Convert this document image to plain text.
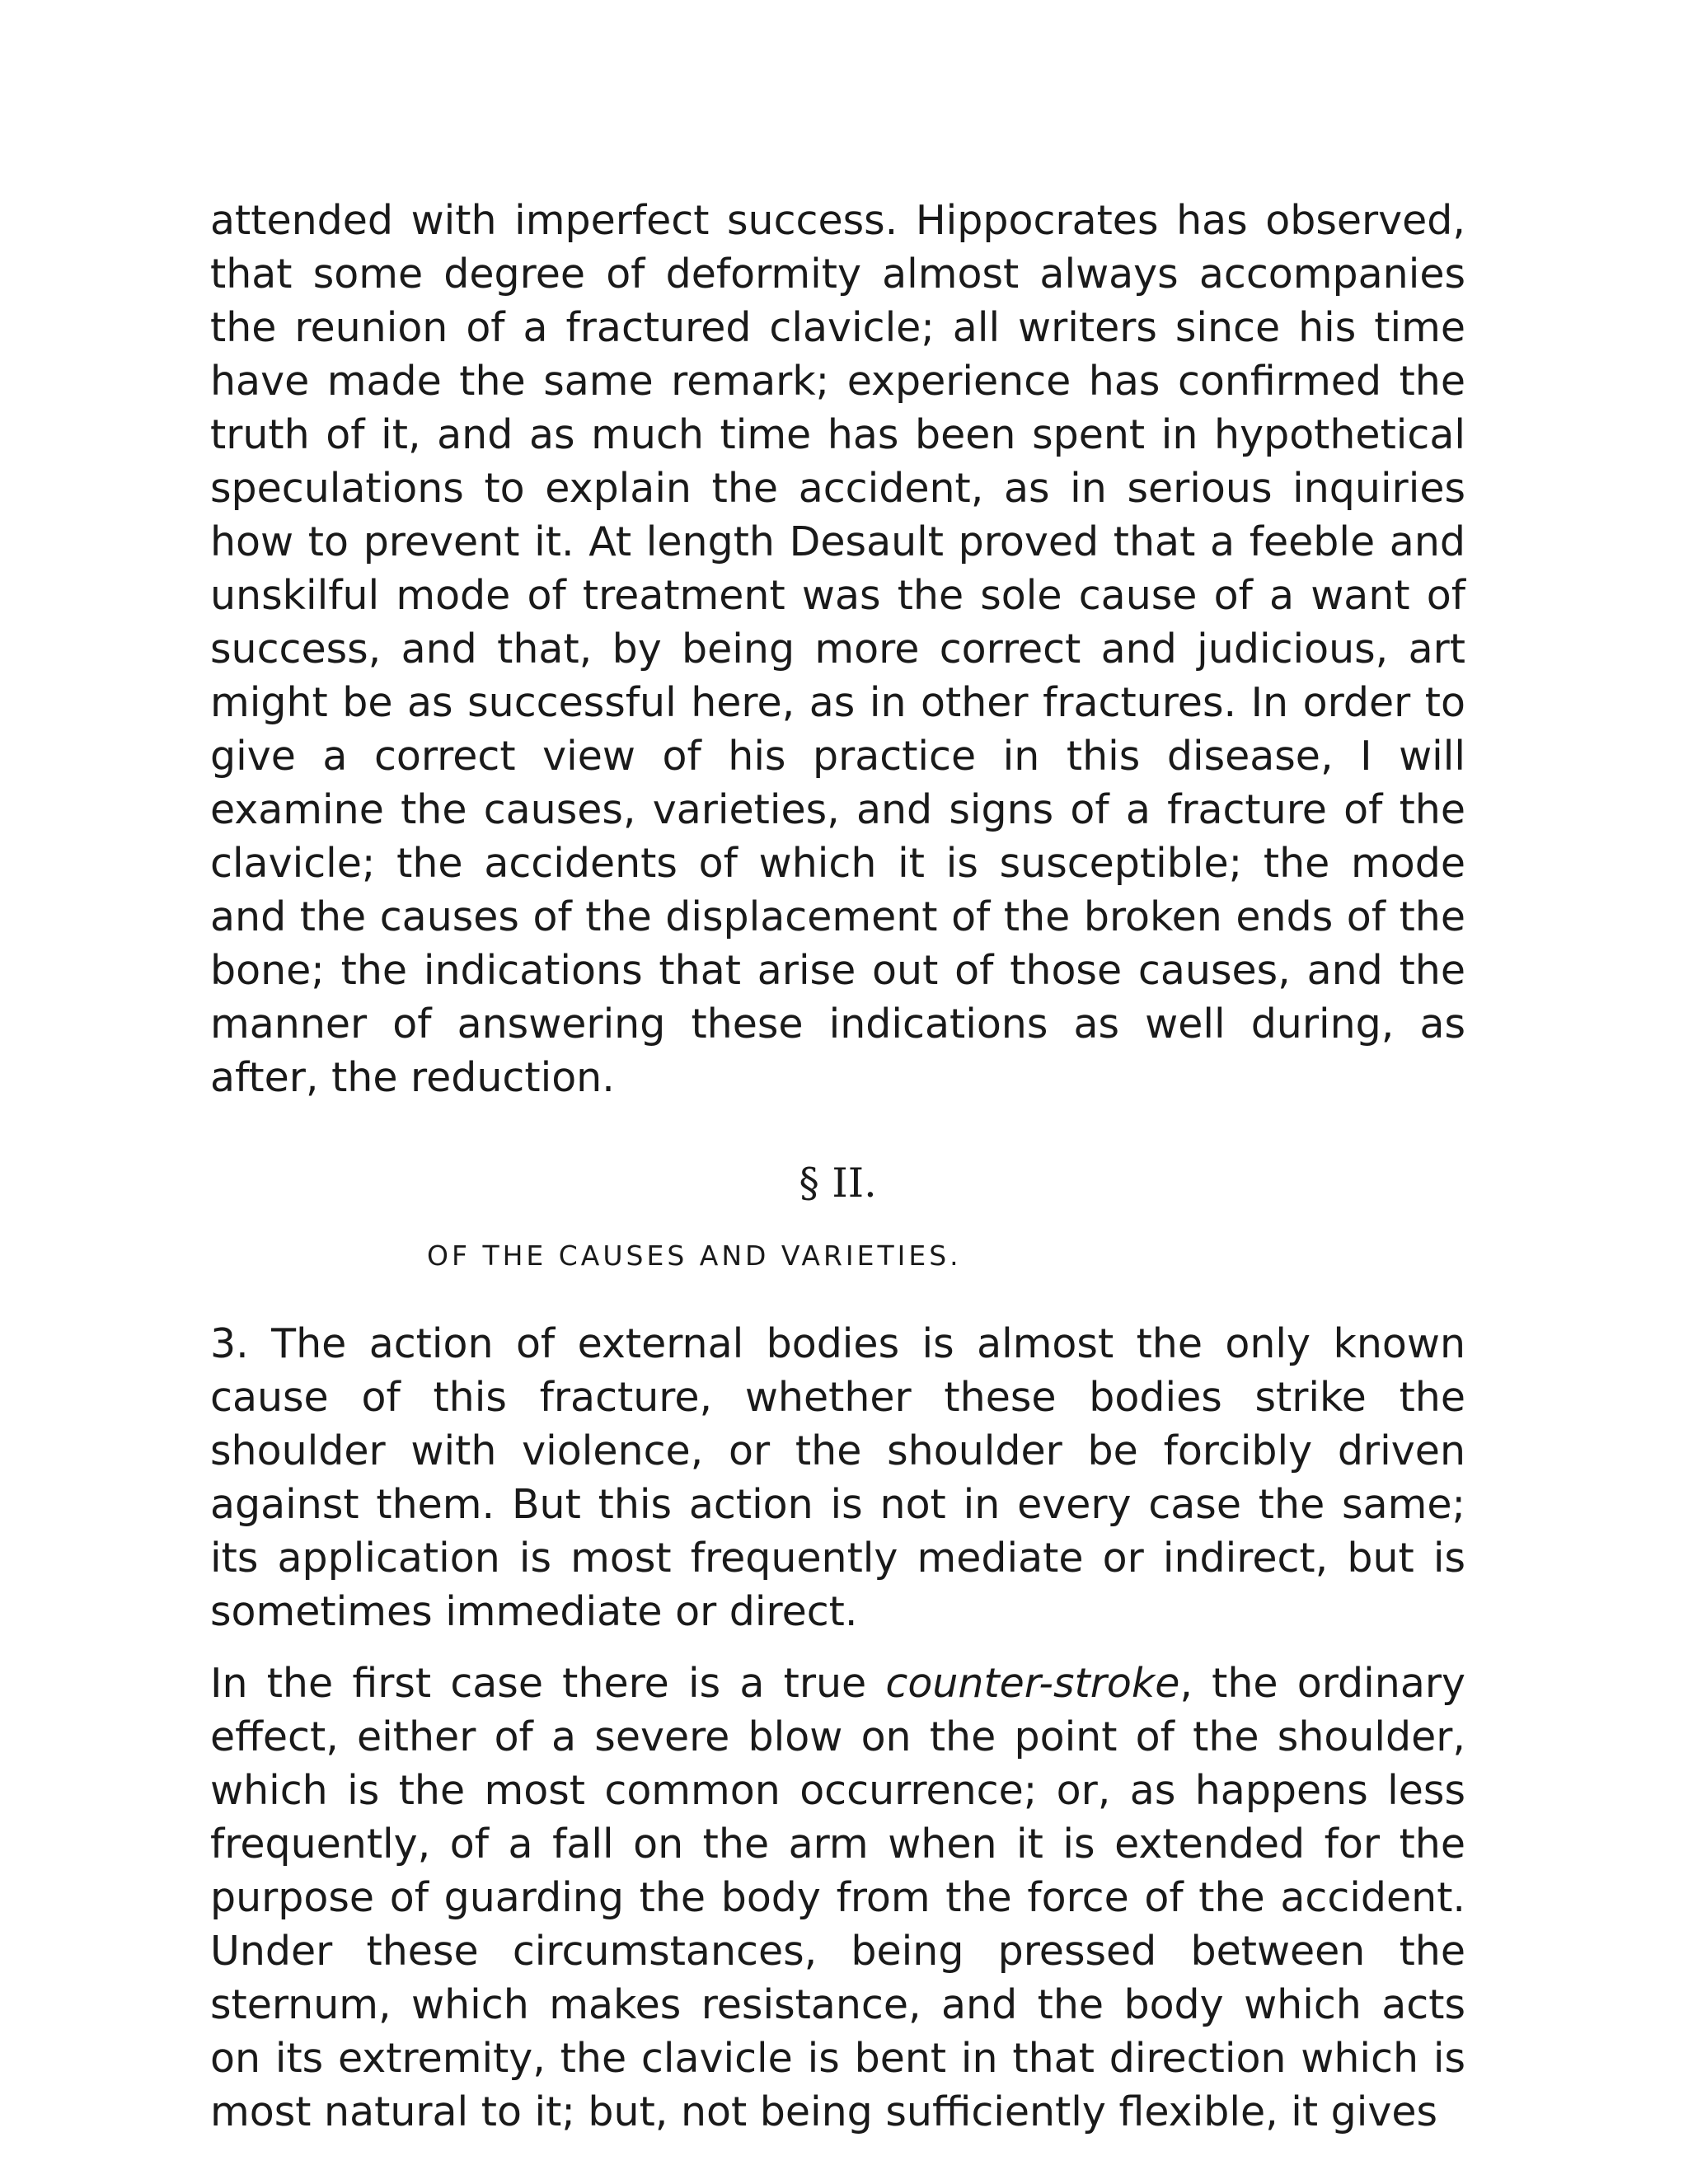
attended with imperfect success. Hippocrates has observed, that some degree of deformity almost always accompanies the reunion of a fractured clavicle; all writers since his time have made the same remark; experience has confirmed the truth of it, and as much time has been spent in hypothetical speculations to explain the accident, as in serious inquiries how to prevent it. At length Desault proved that a feeble and unskilful mode of treatment was the sole cause of a want of success, and that, by being more correct and judicious, art might be as successful here, as in other fractures. In order to give a correct view of his practice in this disease, I will examine the causes, varieties, and signs of a fracture of the clavicle; the accidents of which it is susceptible; the mode and the causes of the displacement of the broken ends of the bone; the indications that arise out of those causes, and the manner of answering these indications as well during, as after, the reduction.

§ II.
OF THE CAUSES AND VARIETIES.

3. The action of external bodies is almost the only known cause of this fracture, whether these bodies strike the shoulder with violence, or the shoulder be forcibly driven against them. But this action is not in every case the same; its application is most frequently mediate or indirect, but is sometimes immediate or direct.

In the first case there is a true counter-stroke, the ordinary effect, either of a severe blow on the point of the shoulder, which is the most common occurrence; or, as happens less frequently, of a fall on the arm when it is extended for the purpose of guarding the body from the force of the accident. Under these circumstances, being pressed between the sternum, which makes resistance, and the body which acts on its extremity, the clavicle is bent in that direction which is most natural to it; but, not being sufficiently flexible, it gives
